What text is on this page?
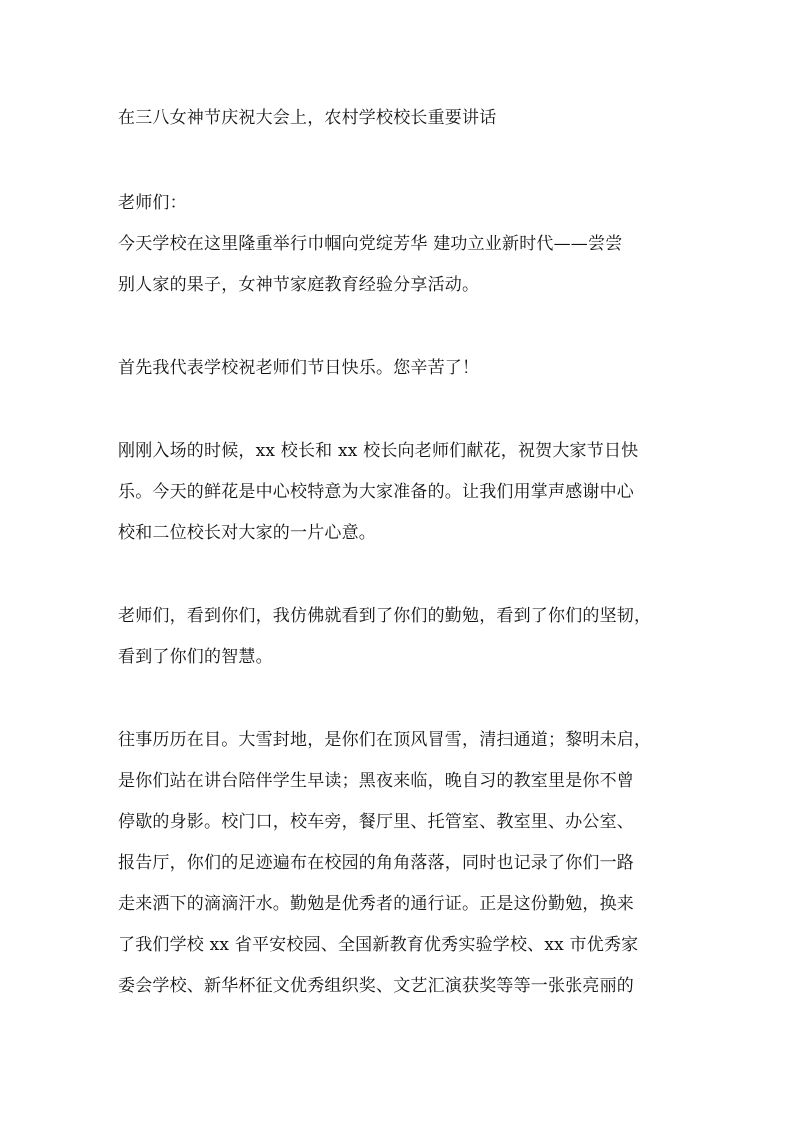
在三八女神节庆祝大会上，农村学校校长重要讲话
老师们：
今天学校在这里隆重举行巾帼向党绽芳华 建功立业新时代——尝尝
别人家的果子，女神节家庭教育经验分享活动。
首先我代表学校祝老师们节日快乐。您辛苦了！
刚刚入场的时候，xx 校长和 xx 校长向老师们献花，祝贺大家节日快
乐。今天的鲜花是中心校特意为大家准备的。让我们用掌声感谢中心
校和二位校长对大家的一片心意。
老师们，看到你们，我仿佛就看到了你们的勤勉，看到了你们的坚韧，
看到了你们的智慧。
往事历历在目。大雪封地，是你们在顶风冒雪，清扫通道；黎明未启，
是你们站在讲台陪伴学生早读；黑夜来临，晚自习的教室里是你不曾
停歇的身影。校门口，校车旁，餐厅里、托管室、教室里、办公室、
报告厅，你们的足迹遍布在校园的角角落落，同时也记录了你们一路
走来洒下的滴滴汗水。勤勉是优秀者的通行证。正是这份勤勉，换来
了我们学校 xx 省平安校园、全国新教育优秀实验学校、xx 市优秀家
委会学校、新华杯征文优秀组织奖、文艺汇演获奖等等一张张亮丽的
